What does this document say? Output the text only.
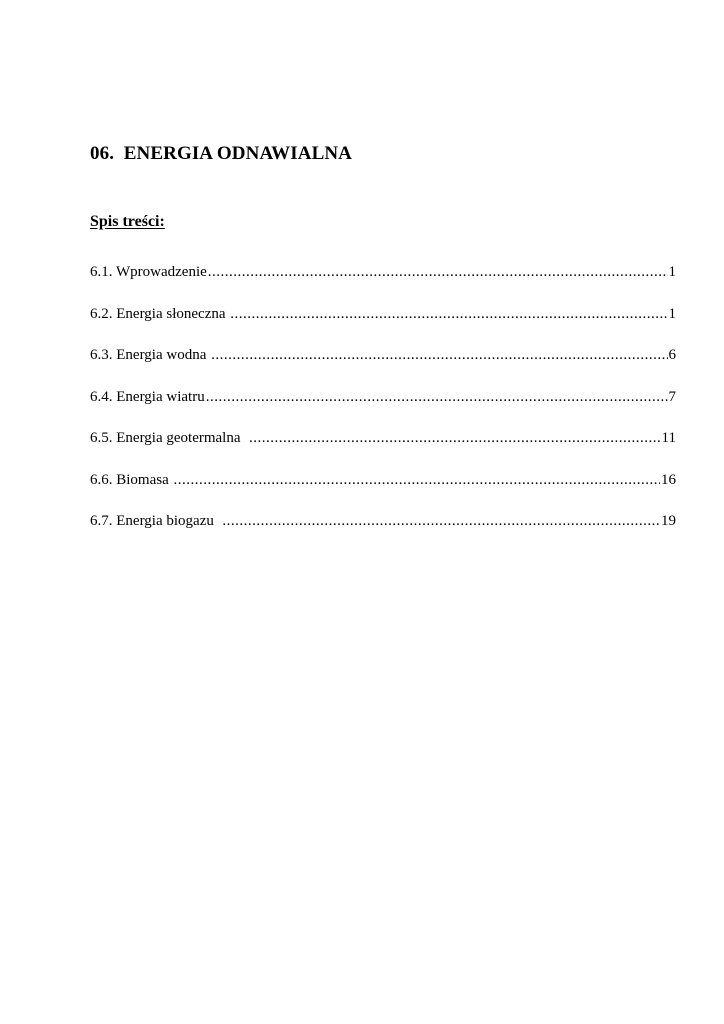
06.  ENERGIA ODNAWIALNA
Spis treści:
6.1. Wprowadzenie .....	1
6.2. Energia słoneczna .....	1
6.3. Energia wodna .....	6
6.4. Energia wiatru .....	7
6.5. Energia geotermalna .....	11
6.6. Biomasa .....	16
6.7. Energia biogazu .....	19
